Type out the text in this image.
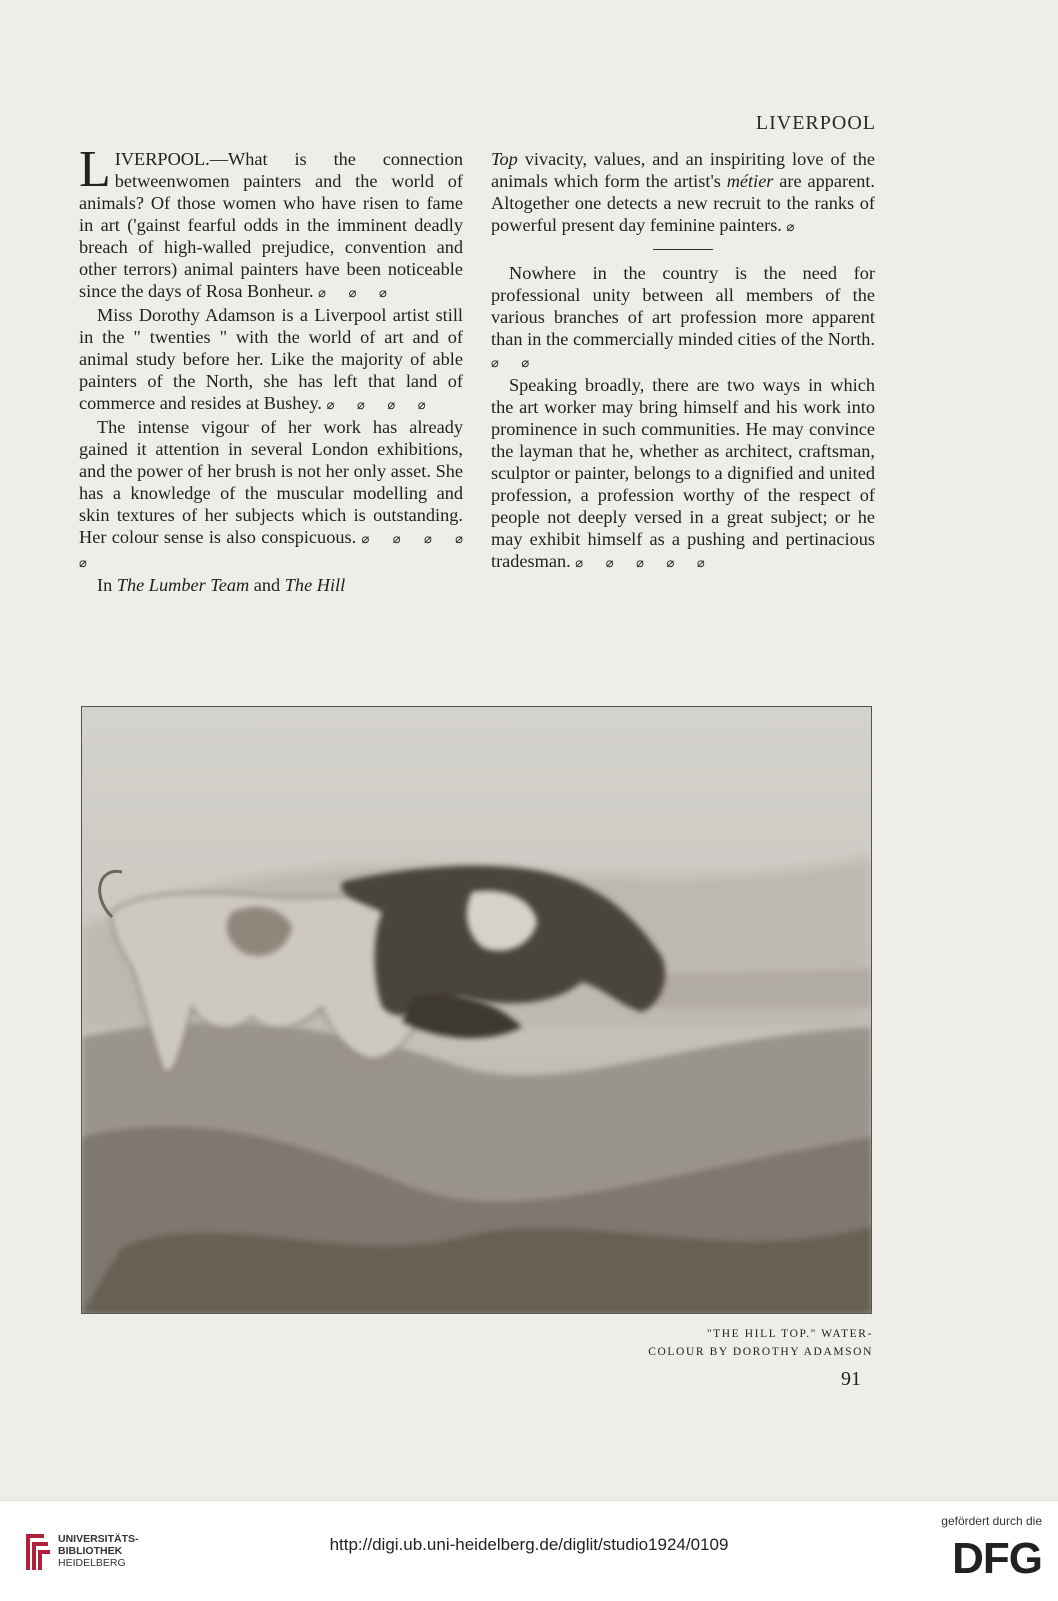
LIVERPOOL

LIVERPOOL.—What is the connection betweenwomen painters and the world of animals? Of those women who have risen to fame in art ('gainst fearful odds in the imminent deadly breach of high-walled prejudice, convention and other terrors) animal painters have been noticeable since the days of Rosa Bonheur. ⌀ ⌀ ⌀

Miss Dorothy Adamson is a Liverpool artist still in the " twenties " with the world of art and of animal study before her. Like the majority of able painters of the North, she has left that land of commerce and resides at Bushey. ⌀ ⌀ ⌀ ⌀

The intense vigour of her work has already gained it attention in several London exhibitions, and the power of her brush is not her only asset. She has a knowledge of the muscular modelling and skin textures of her subjects which is outstanding. Her colour sense is also conspicuous. ⌀ ⌀ ⌀ ⌀ ⌀

In The Lumber Team and The Hill

Top vivacity, values, and an inspiriting love of the animals which form the artist's métier are apparent. Altogether one detects a new recruit to the ranks of powerful present day feminine painters. ⌀

Nowhere in the country is the need for professional unity between all members of the various branches of art profession more apparent than in the commercially minded cities of the North. ⌀ ⌀

Speaking broadly, there are two ways in which the art worker may bring himself and his work into prominence in such communities. He may convince the layman that he, whether as architect, craftsman, sculptor or painter, belongs to a dignified and united profession, a profession worthy of the respect of people not deeply versed in a great subject; or he may exhibit himself as a pushing and pertinacious tradesman. ⌀ ⌀ ⌀ ⌀ ⌀

"THE HILL TOP." WATER-
COLOUR BY DOROTHY ADAMSON
91
UNIVERSITÄTS-
BIBLIOTHEK
HEIDELBERG
http://digi.ub.uni-heidelberg.de/diglit/studio1924/0109
gefördert durch die
DFG
